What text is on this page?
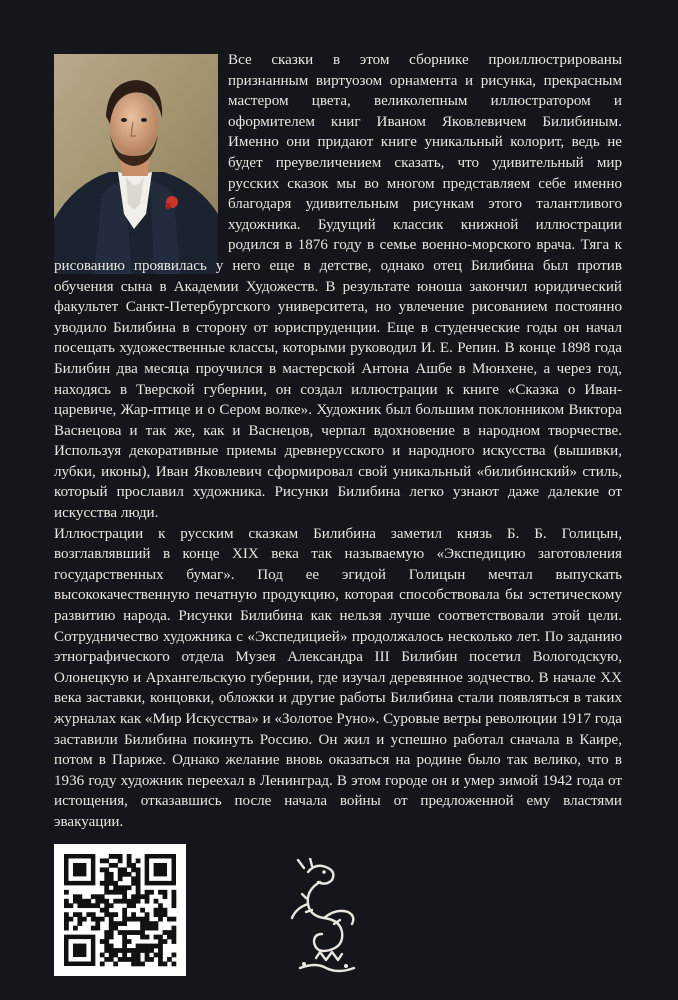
Все сказки в этом сборнике проиллюстрированы признанным виртуозом орнамента и рисунка, прекрасным мастером цвета, великолепным иллюстратором и оформителем книг Иваном Яковлевичем Билибиным. Именно они придают книге уникальный колорит, ведь не будет преувеличением сказать, что удивительный мир русских сказок мы во многом представляем себе именно благодаря удивительным рисункам этого талантливого художника. Будущий классик книжной иллюстрации родился в 1876 году в семье военно-морского врача. Тяга к рисованию проявилась у него еще в детстве, однако отец Билибина был против обучения сына в Академии Художеств. В результате юноша закончил юридический факультет Санкт-Петербургского университета, но увлечение рисованием постоянно уводило Билибина в сторону от юриспруденции. Еще в студенческие годы он начал посещать художественные классы, которыми руководил И. Е. Репин. В конце 1898 года Билибин два месяца проучился в мастерской Антона Ашбе в Мюнхене, а через год, находясь в Тверской губернии, он создал иллюстрации к книге «Сказка о Иван-царевиче, Жар-птице и о Сером волке». Художник был большим поклонником Виктора Васнецова и так же, как и Васнецов, черпал вдохновение в народном творчестве. Используя декоративные приемы древнерусского и народного искусства (вышивки, лубки, иконы), Иван Яковлевич сформировал свой уникальный «билибинский» стиль, который прославил художника. Рисунки Билибина легко узнают даже далекие от искусства люди.

Иллюстрации к русским сказкам Билибина заметил князь Б. Б. Голицын, возглавлявший в конце XIX века так называемую «Экспедицию заготовления государственных бумаг». Под ее эгидой Голицын мечтал выпускать высококачественную печатную продукцию, которая способствовала бы эстетическому развитию народа. Рисунки Билибина как нельзя лучше соответствовали этой цели. Сотрудничество художника с «Экспедицией» продолжалось несколько лет. По заданию этнографического отдела Музея Александра III Билибин посетил Вологодскую, Олонецкую и Архангельскую губернии, где изучал деревянное зодчество. В начале XX века заставки, концовки, обложки и другие работы Билибина стали появляться в таких журналах как «Мир Искусства» и «Золотое Руно». Суровые ветры революции 1917 года заставили Билибина покинуть Россию. Он жил и успешно работал сначала в Каире, потом в Париже. Однако желание вновь оказаться на родине было так велико, что в 1936 году художник переехал в Ленинград. В этом городе он и умер зимой 1942 года от истощения, отказавшись после начала войны от предложенной ему властями эвакуации.
